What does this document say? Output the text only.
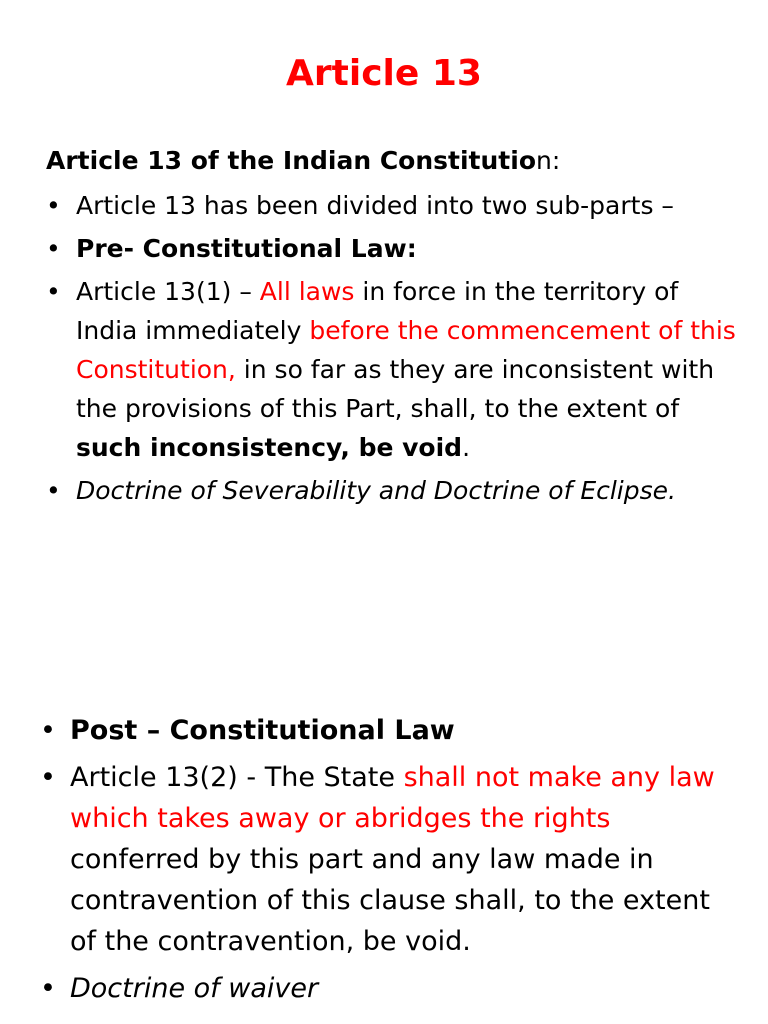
Article 13
Article 13 of the Indian Constitution:
• Article 13 has been divided into two sub-parts –
• Pre- Constitutional Law:
• Article 13(1) – All laws in force in the territory of India immediately before the commencement of this Constitution, in so far as they are inconsistent with the provisions of this Part, shall, to the extent of such inconsistency, be void.
• Doctrine of Severability and Doctrine of Eclipse.
• Post – Constitutional Law
• Article 13(2) - The State shall not make any law which takes away or abridges the rights conferred by this part and any law made in contravention of this clause shall, to the extent of the contravention, be void.
• Doctrine of waiver
